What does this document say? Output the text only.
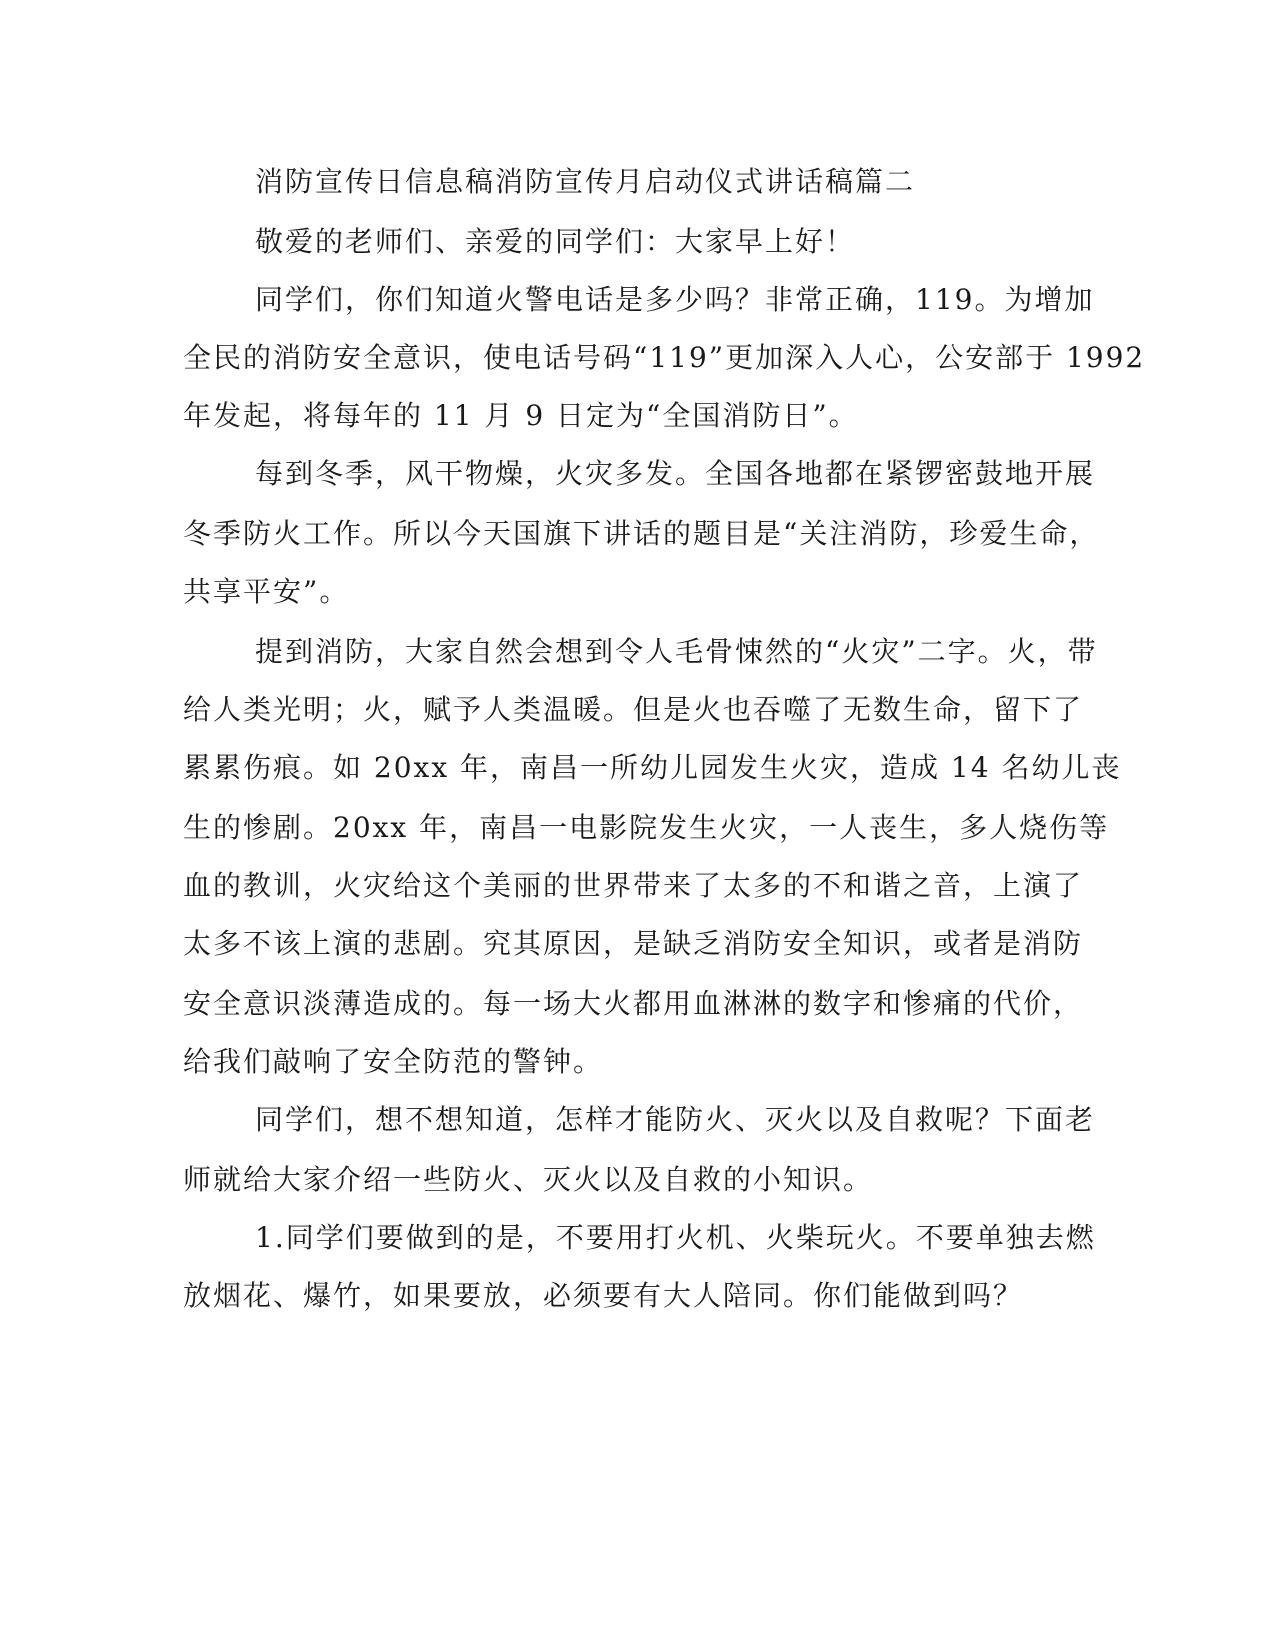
消防宣传日信息稿消防宣传月启动仪式讲话稿篇二
敬爱的老师们、亲爱的同学们：大家早上好！
同学们，你们知道火警电话是多少吗？非常正确，119。为增加
全民的消防安全意识，使电话号码“119”更加深入人心，公安部于 1992
年发起，将每年的 11 月 9 日定为“全国消防日”。
每到冬季，风干物燥，火灾多发。全国各地都在紧锣密鼓地开展
冬季防火工作。所以今天国旗下讲话的题目是“关注消防，珍爱生命，
共享平安”。
提到消防，大家自然会想到令人毛骨悚然的“火灾”二字。火，带
给人类光明；火，赋予人类温暖。但是火也吞噬了无数生命，留下了
累累伤痕。如 20xx 年，南昌一所幼儿园发生火灾，造成 14 名幼儿丧
生的惨剧。20xx 年，南昌一电影院发生火灾，一人丧生，多人烧伤等
血的教训，火灾给这个美丽的世界带来了太多的不和谐之音，上演了
太多不该上演的悲剧。究其原因，是缺乏消防安全知识，或者是消防
安全意识淡薄造成的。每一场大火都用血淋淋的数字和惨痛的代价，
给我们敲响了安全防范的警钟。
同学们，想不想知道，怎样才能防火、灭火以及自救呢？下面老
师就给大家介绍一些防火、灭火以及自救的小知识。
1.同学们要做到的是，不要用打火机、火柴玩火。不要单独去燃
放烟花、爆竹，如果要放，必须要有大人陪同。你们能做到吗？
